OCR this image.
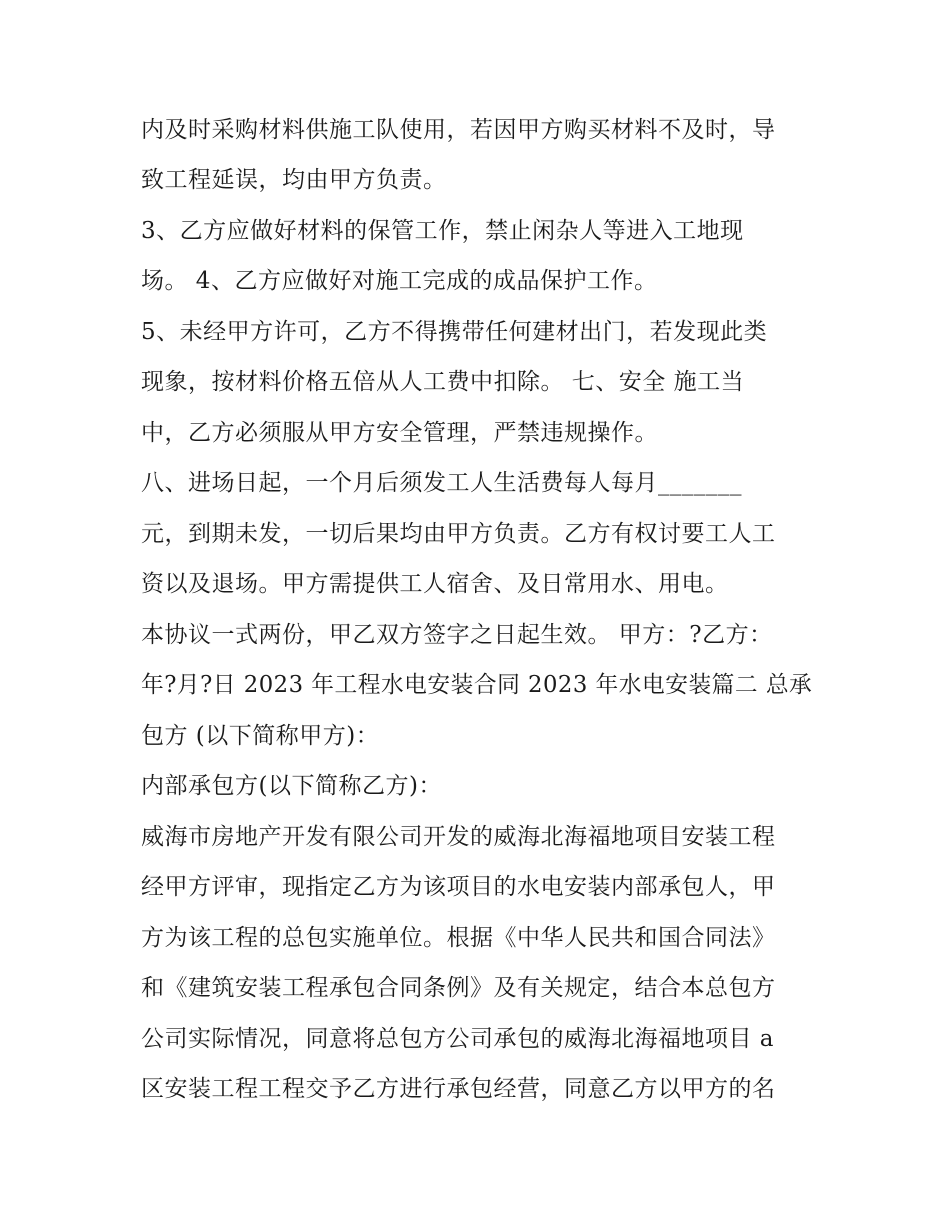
内及时采购材料供施工队使用，若因甲方购买材料不及时，导
致工程延误，均由甲方负责。
3、乙方应做好材料的保管工作，禁止闲杂人等进入工地现
场。 4、乙方应做好对施工完成的成品保护工作。
5、未经甲方许可，乙方不得携带任何建材出门，若发现此类
现象，按材料价格五倍从人工费中扣除。 七、安全 施工当
中，乙方必须服从甲方安全管理，严禁违规操作。
八、进场日起，一个月后须发工人生活费每人每月_______
元，到期未发，一切后果均由甲方负责。乙方有权讨要工人工
资以及退场。甲方需提供工人宿舍、及日常用水、用电。
本协议一式两份，甲乙双方签字之日起生效。 甲方：?乙方：
年?月?日 2023 年工程水电安装合同 2023 年水电安装篇二 总承
包方 (以下简称甲方)：
内部承包方(以下简称乙方)：
威海市房地产开发有限公司开发的威海北海福地项目安装工程
经甲方评审，现指定乙方为该项目的水电安装内部承包人，甲
方为该工程的总包实施单位。根据《中华人民共和国合同法》
和《建筑安装工程承包合同条例》及有关规定，结合本总包方
公司实际情况，同意将总包方公司承包的威海北海福地项目 a
区安装工程工程交予乙方进行承包经营，同意乙方以甲方的名
